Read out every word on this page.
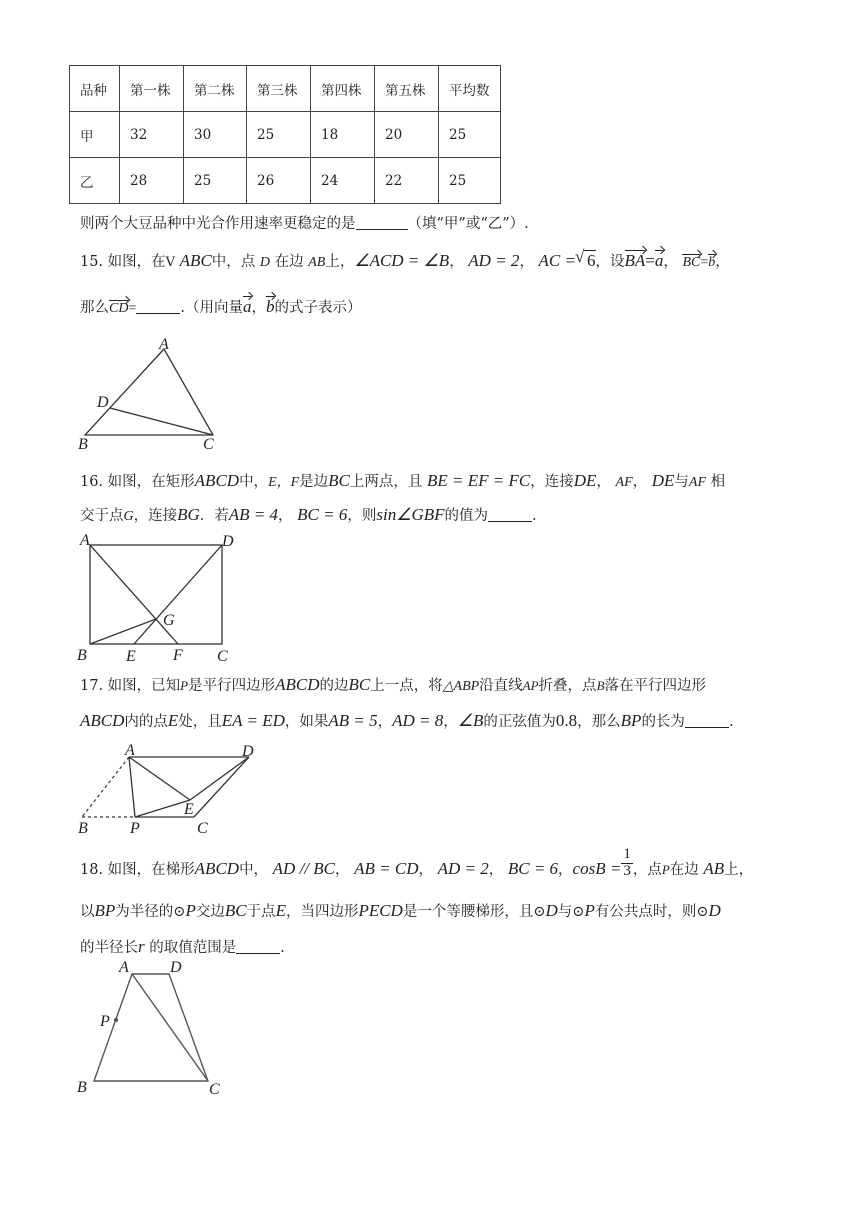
品种	第一株	第二株	第三株	第四株	第五株	平均数
甲	32	30	25	18	20	25
乙	28	25	26	24	22	25
则两个大豆品种中光合作用速率更稳定的是	（填“甲”或“乙”）.
15. 如图，在V ABC中，点 D 在边 AB上，∠ACD = ∠B， AD = 2， AC = √ 6，设BA=a， BC=b，
那么CD=	.（用向量a，b的式子表示）
A
D
B	C
16. 如图，在矩形ABCD中，E，F是边BC上两点，且 BE = EF = FC，连接DE， AF， DE与AF 相
交于点G，连接BG．若AB = 4， BC = 6，则sin∠GBF的值为	.
A	D
G
B E F C
17. 如图，已知P是平行四边形ABCD的边BC上一点，将△ABP沿直线AP折叠，点B落在平行四边形
ABCD内的点E处，且EA = ED，如果AB = 5，AD = 8，∠B的正弦值为0.8，那么BP的长为	.
A	D
E
B	P	C
18. 如图，在梯形ABCD中， AD // BC， AB = CD， AD = 2， BC = 6，$\cos B = \frac{1}{3}$ ，点P在边 AB上，
以BP为半径的⊙P交边BC于点E，当四边形PECD是一个等腰梯形，且⊙D与⊙P有公共点时，则⊙D
的半径长r 的取值范围是	.
A	D
P
B	C
